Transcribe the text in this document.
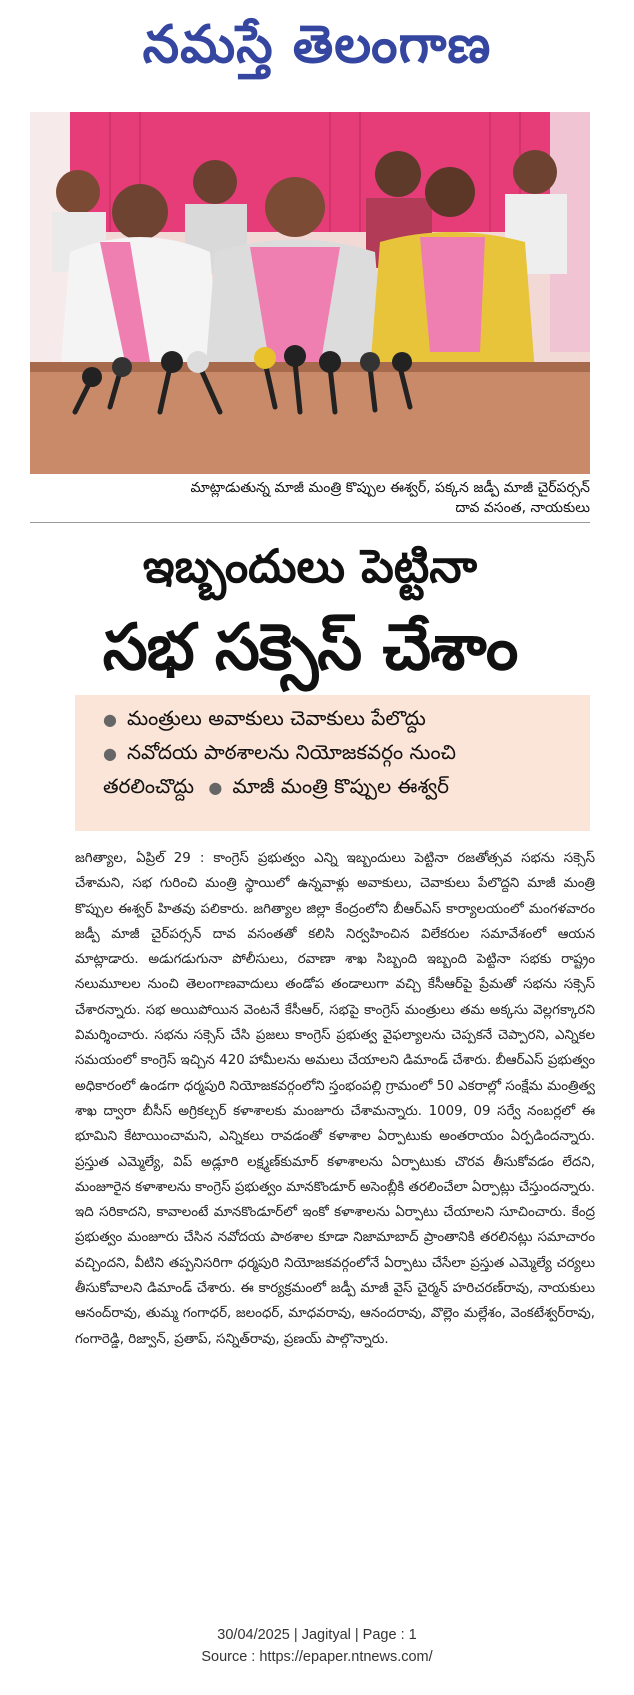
నమస్తే తెలంగాణ
మాట్లాడుతున్న మాజీ మంత్రి కొప్పుల ఈశ్వర్, పక్కన జడ్పీ మాజీ చైర్‌పర్సన్
దావ వసంత, నాయకులు
ఇబ్బందులు పెట్టినా
సభ సక్సెస్ చేశాం
● మంత్రులు అవాకులు చెవాకులు పేలొద్దు
● నవోదయ పాఠశాలను నియోజకవర్గం నుంచి
తరలించొద్దు ● మాజీ మంత్రి కొప్పుల ఈశ్వర్

జగిత్యాల, ఏప్రిల్ 29 : కాంగ్రెస్ ప్రభుత్వం ఎన్ని ఇబ్బందులు పెట్టినా రజతోత్సవ సభను సక్సెస్ చేశామని, సభ గురించి మంత్రి స్థాయిలో ఉన్నవాళ్లు అవాకులు, చెవాకులు పేలొద్దని మాజీ మంత్రి కొప్పుల ఈశ్వర్ హితవు పలికారు. జగిత్యాల జిల్లా కేంద్రంలోని బీఆర్ఎస్ కార్యాలయంలో మంగళవారం జడ్పీ మాజీ చైర్‌పర్సన్ దావ వసంతతో కలిసి నిర్వహించిన విలేకరుల సమావేశంలో ఆయన మాట్లాడారు. అడుగడుగునా పోలీసులు, రవాణా శాఖ సిబ్బంది ఇబ్బంది పెట్టినా సభకు రాష్ట్రం నలుమూలల నుంచి తెలంగాణవాదులు తండోప తండాలుగా వచ్చి కేసీఆర్‌పై ప్రేమతో సభను సక్సెస్ చేశారన్నారు. సభ అయిపోయిన వెంటనే కేసీఆర్, సభపై కాంగ్రెస్ మంత్రులు తమ అక్కసు వెల్లగక్కారని విమర్శించారు. సభను సక్సెస్ చేసి ప్రజలు కాంగ్రెస్ ప్రభుత్వ వైఫల్యాలను చెప్పకనే చెప్పారని, ఎన్నికల సమయంలో కాంగ్రెస్ ఇచ్చిన 420 హామీలను అమలు చేయాలని డిమాండ్ చేశారు. బీఆర్ఎస్ ప్రభుత్వం అధికారంలో ఉండగా ధర్మపురి నియోజకవర్గంలోని స్తంభంపల్లి గ్రామంలో 50 ఎకరాల్లో సంక్షేమ మంత్రిత్వ శాఖ ద్వారా బీసీస్ అగ్రికల్చర్ కళాశాలకు మంజూరు చేశామన్నారు. 1009, 09 సర్వే నంబర్లలో ఈ భూమిని కేటాయించామని, ఎన్నికలు రావడంతో కళాశాల ఏర్పాటుకు అంతరాయం ఏర్పడిందన్నారు. ప్రస్తుత ఎమ్మెల్యే, విప్ అడ్లూరి లక్ష్మణ్‌కుమార్ కళాశాలను ఏర్పాటుకు చొరవ తీసుకోవడం లేదని, మంజూరైన కళాశాలను కాంగ్రెస్ ప్రభుత్వం మానకొండూర్ అసెంబ్లీకి తరలించేలా ఏర్పాట్లు చేస్తుందన్నారు. ఇది సరికాదని, కావాలంటే మానకొండూర్‌లో ఇంకో కళాశాలను ఏర్పాటు చేయాలని సూచించారు. కేంద్ర ప్రభుత్వం మంజూరు చేసిన నవోదయ పాఠశాల కూడా నిజామాబాద్ ప్రాంతానికి తరలినట్లు సమాచారం వచ్చిందని, వీటిని తప్పనిసరిగా ధర్మపురి నియోజకవర్గంలోనే ఏర్పాటు చేసేలా ప్రస్తుత ఎమ్మెల్యే చర్యలు తీసుకోవాలని డిమాండ్ చేశారు. ఈ కార్యక్రమంలో జడ్పీ మాజీ వైస్ చైర్మన్ హరిచరణ్‌రావు, నాయకులు ఆనంద్‌రావు, తుమ్మ గంగాధర్, జలంధర్, మాధవరావు, ఆనందరావు, వొల్లెం మల్లేశం, వెంకటేశ్వర్‌రావు, గంగారెడ్డి, రిజ్వాన్, ప్రతాప్, సన్నిత్‌రావు, ప్రణయ్ పాల్గొన్నారు.

30/04/2025 | Jagityal | Page : 1
Source : https://epaper.ntnews.com/
